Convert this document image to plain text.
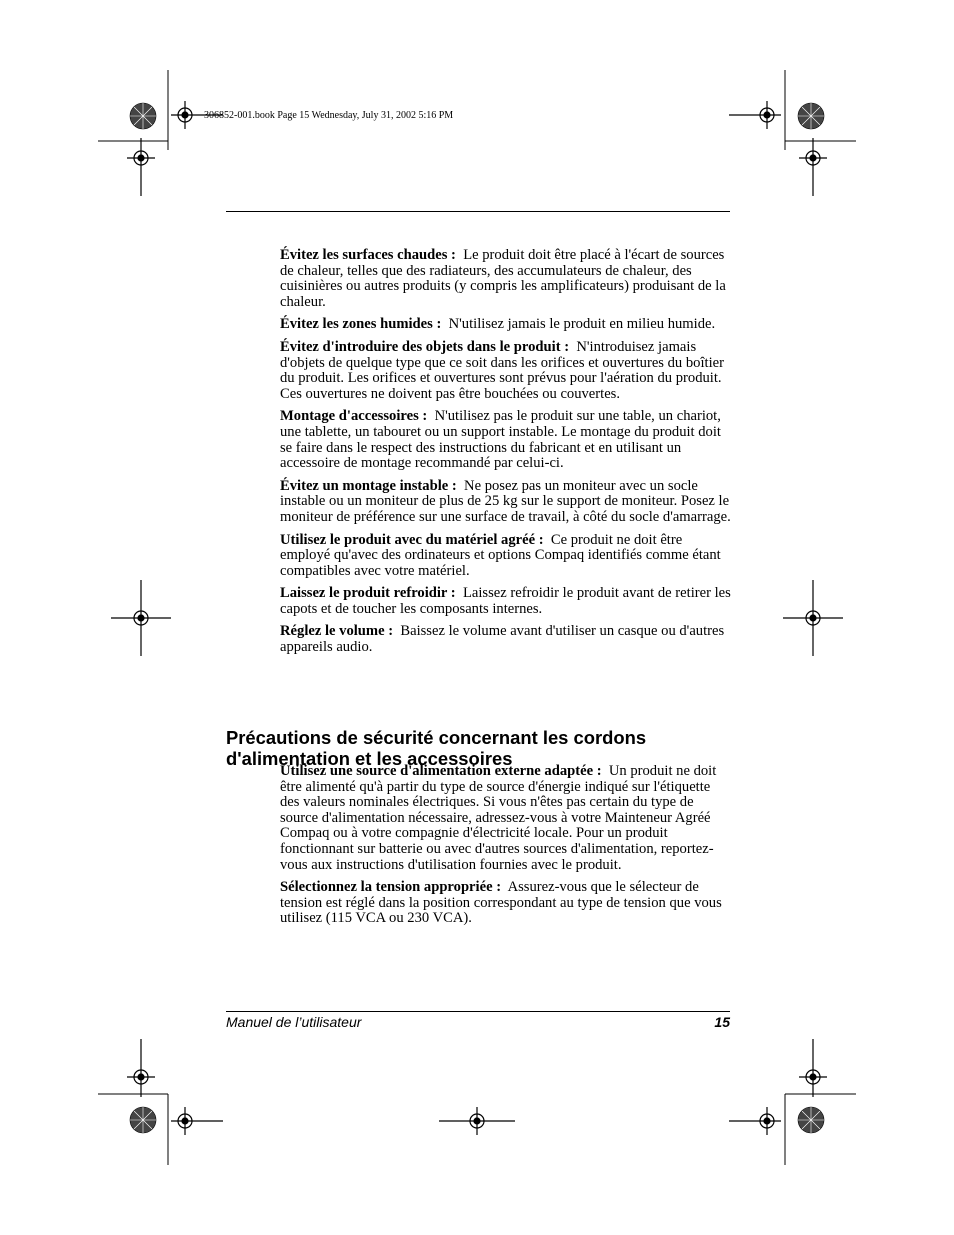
306852-001.book Page 15 Wednesday, July 31, 2002 5:16 PM

Évitez les surfaces chaudes : Le produit doit être placé à l'écart de sources de chaleur, telles que des radiateurs, des accumulateurs de chaleur, des cuisinières ou autres produits (y compris les amplificateurs) produisant de la chaleur.

Évitez les zones humides : N'utilisez jamais le produit en milieu humide.

Évitez d'introduire des objets dans le produit : N'introduisez jamais d'objets de quelque type que ce soit dans les orifices et ouvertures du boîtier du produit. Les orifices et ouvertures sont prévus pour l'aération du produit. Ces ouvertures ne doivent pas être bouchées ou couvertes.

Montage d'accessoires : N'utilisez pas le produit sur une table, un chariot, une tablette, un tabouret ou un support instable. Le montage du produit doit se faire dans le respect des instructions du fabricant et en utilisant un accessoire de montage recommandé par celui-ci.

Évitez un montage instable : Ne posez pas un moniteur avec un socle instable ou un moniteur de plus de 25 kg sur le support de moniteur. Posez le moniteur de préférence sur une surface de travail, à côté du socle d'amarrage.

Utilisez le produit avec du matériel agréé : Ce produit ne doit être employé qu'avec des ordinateurs et options Compaq identifiés comme étant compatibles avec votre matériel.

Laissez le produit refroidir : Laissez refroidir le produit avant de retirer les capots et de toucher les composants internes.

Réglez le volume : Baissez le volume avant d'utiliser un casque ou d'autres appareils audio.

Précautions de sécurité concernant les cordons d'alimentation et les accessoires

Utilisez une source d'alimentation externe adaptée : Un produit ne doit être alimenté qu'à partir du type de source d'énergie indiqué sur l'étiquette des valeurs nominales électriques. Si vous n'êtes pas certain du type de source d'alimentation nécessaire, adressez-vous à votre Mainteneur Agréé Compaq ou à votre compagnie d'électricité locale. Pour un produit fonctionnant sur batterie ou avec d'autres sources d'alimentation, reportez-vous aux instructions d'utilisation fournies avec le produit.

Sélectionnez la tension appropriée : Assurez-vous que le sélecteur de tension est réglé dans la position correspondant au type de tension que vous utilisez (115 VCA ou 230 VCA).

Manuel de l’utilisateur	15
